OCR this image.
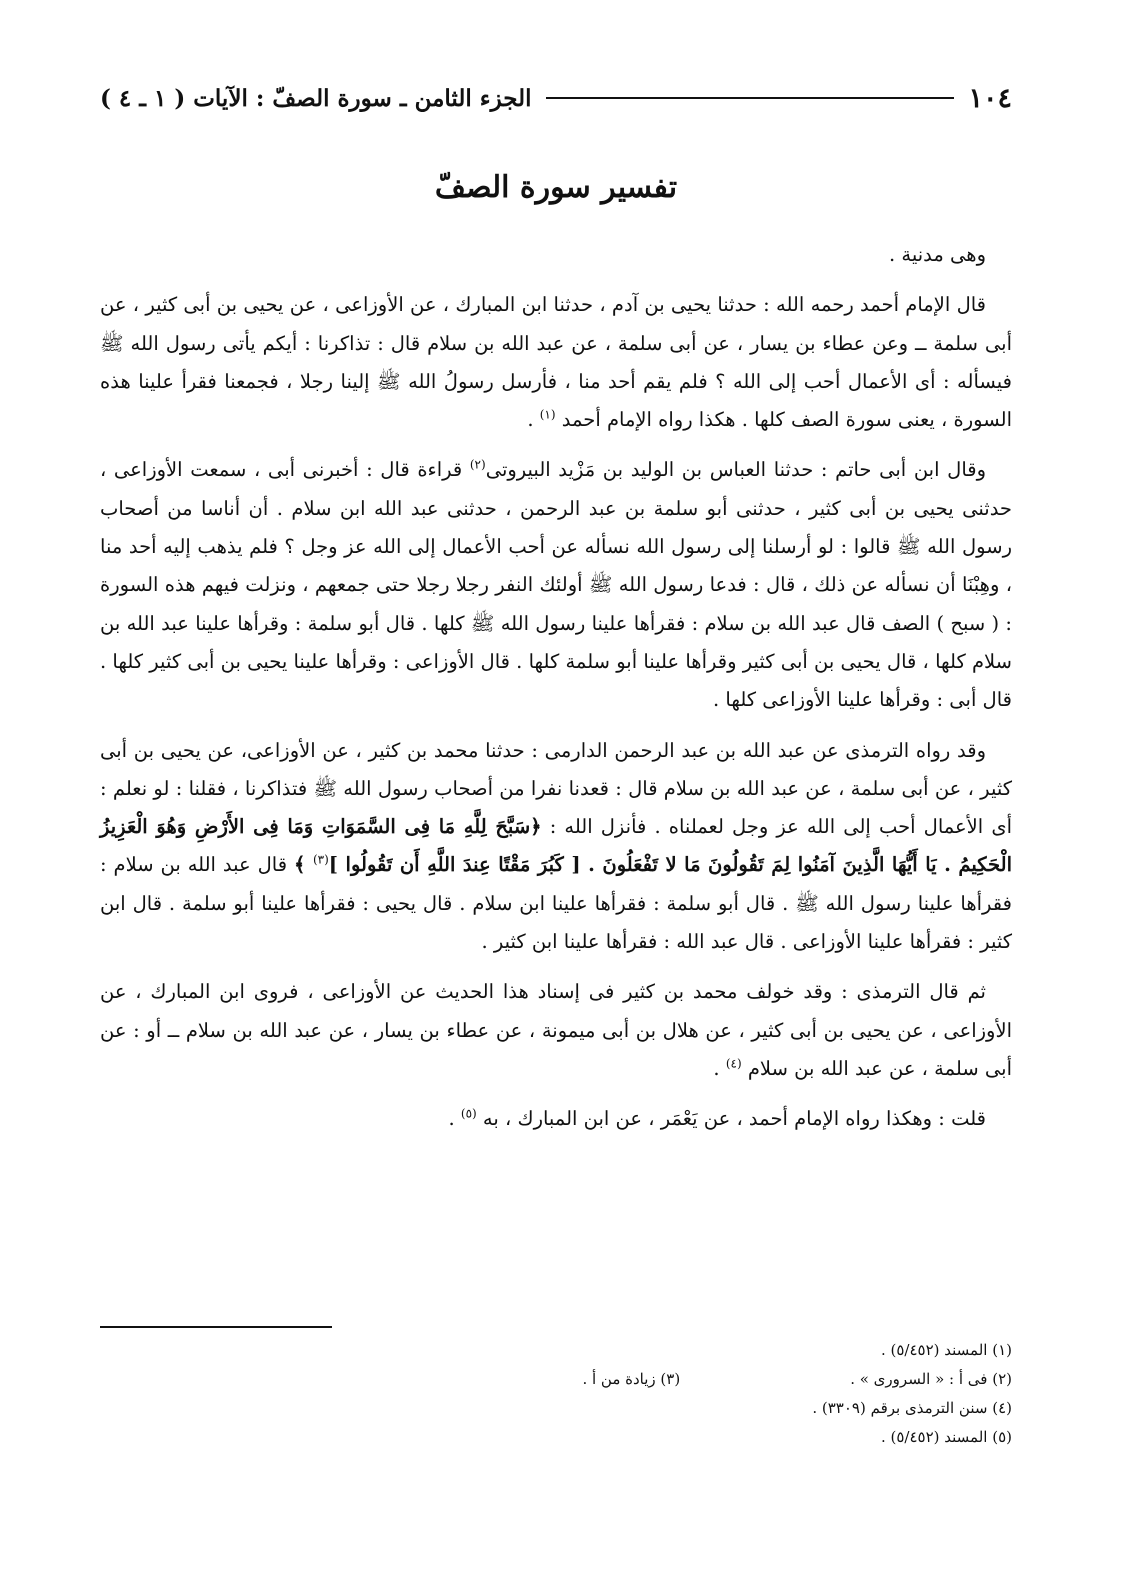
١٠٤
الجزء الثامن ـ سورة الصفّ : الآيات ( ١ ـ ٤ )
تفسير سورة الصفّ

وهى مدنية .

قال الإمام أحمد رحمه الله : حدثنا يحيى بن آدم ، حدثنا ابن المبارك ، عن الأوزاعى ، عن يحيى بن أبى كثير ، عن أبى سلمة ــ وعن عطاء بن يسار ، عن أبى سلمة ، عن عبد الله بن سلام قال : تذاكرنا : أيكم يأتى رسول الله ﷺ فيسأله : أى الأعمال أحب إلى الله ؟ فلم يقم أحد منا ، فأرسل رسولُ الله ﷺ إلينا رجلا ، فجمعنا فقرأ علينا هذه السورة ، يعنى سورة الصف كلها . هكذا رواه الإمام أحمد $^{(١)}$ .

وقال ابن أبى حاتم : حدثنا العباس بن الوليد بن مَزْيد البيروتى$^{(٢)}$ قراءة قال : أخبرنى أبى ، سمعت الأوزاعى ، حدثنى يحيى بن أبى كثير ، حدثنى أبو سلمة بن عبد الرحمن ، حدثنى عبد الله ابن سلام . أن أناسا من أصحاب رسول الله ﷺ قالوا : لو أرسلنا إلى رسول الله نسأله عن أحب الأعمال إلى الله عز وجل ؟ فلم يذهب إليه أحد منا ، وهِبْنَا أن نسأله عن ذلك ، قال : فدعا رسول الله ﷺ أولئك النفر رجلا رجلا حتى جمعهم ، ونزلت فيهم هذه السورة : ( سبح ) الصف قال عبد الله بن سلام : فقرأها علينا رسول الله ﷺ كلها . قال أبو سلمة : وقرأها علينا عبد الله بن سلام كلها ، قال يحيى بن أبى كثير وقرأها علينا أبو سلمة كلها . قال الأوزاعى : وقرأها علينا يحيى بن أبى كثير كلها . قال أبى : وقرأها علينا الأوزاعى كلها .

وقد رواه الترمذى عن عبد الله بن عبد الرحمن الدارمى : حدثنا محمد بن كثير ، عن الأوزاعى، عن يحيى بن أبى كثير ، عن أبى سلمة ، عن عبد الله بن سلام قال : قعدنا نفرا من أصحاب رسول الله ﷺ فتذاكرنا ، فقلنا : لو نعلم : أى الأعمال أحب إلى الله عز وجل لعملناه . فأنزل الله : ﴿سَبَّحَ لِلَّهِ مَا فِى السَّمَوَاتِ وَمَا فِى الأَرْضِ وَهُوَ الْعَزِيزُ الْحَكِيمُ . يَا أَيُّهَا الَّذِينَ آمَنُوا لِمَ تَقُولُونَ مَا لا تَفْعَلُونَ . [ كَبُرَ مَقْتًا عِندَ اللَّهِ أَن تَقُولُوا ]$^{(٣)}$ ﴾ قال عبد الله بن سلام : فقرأها علينا رسول الله ﷺ . قال أبو سلمة : فقرأها علينا ابن سلام . قال يحيى : فقرأها علينا أبو سلمة . قال ابن كثير : فقرأها علينا الأوزاعى . قال عبد الله : فقرأها علينا ابن كثير .

ثم قال الترمذى : وقد خولف محمد بن كثير فى إسناد هذا الحديث عن الأوزاعى ، فروى ابن المبارك ، عن الأوزاعى ، عن يحيى بن أبى كثير ، عن هلال بن أبى ميمونة ، عن عطاء بن يسار ، عن عبد الله بن سلام ــ أو : عن أبى سلمة ، عن عبد الله بن سلام $^{(٤)}$ .

قلت : وهكذا رواه الإمام أحمد ، عن يَعْمَر ، عن ابن المبارك ، به $^{(٥)}$ .

(١) المسند (٥/٤٥٢) .
(٢) فى أ : « السرورى » .
(٣) زيادة من أ .
(٤) سنن الترمذى برقم (٣٣٠٩) .
(٥) المسند (٥/٤٥٢) .
